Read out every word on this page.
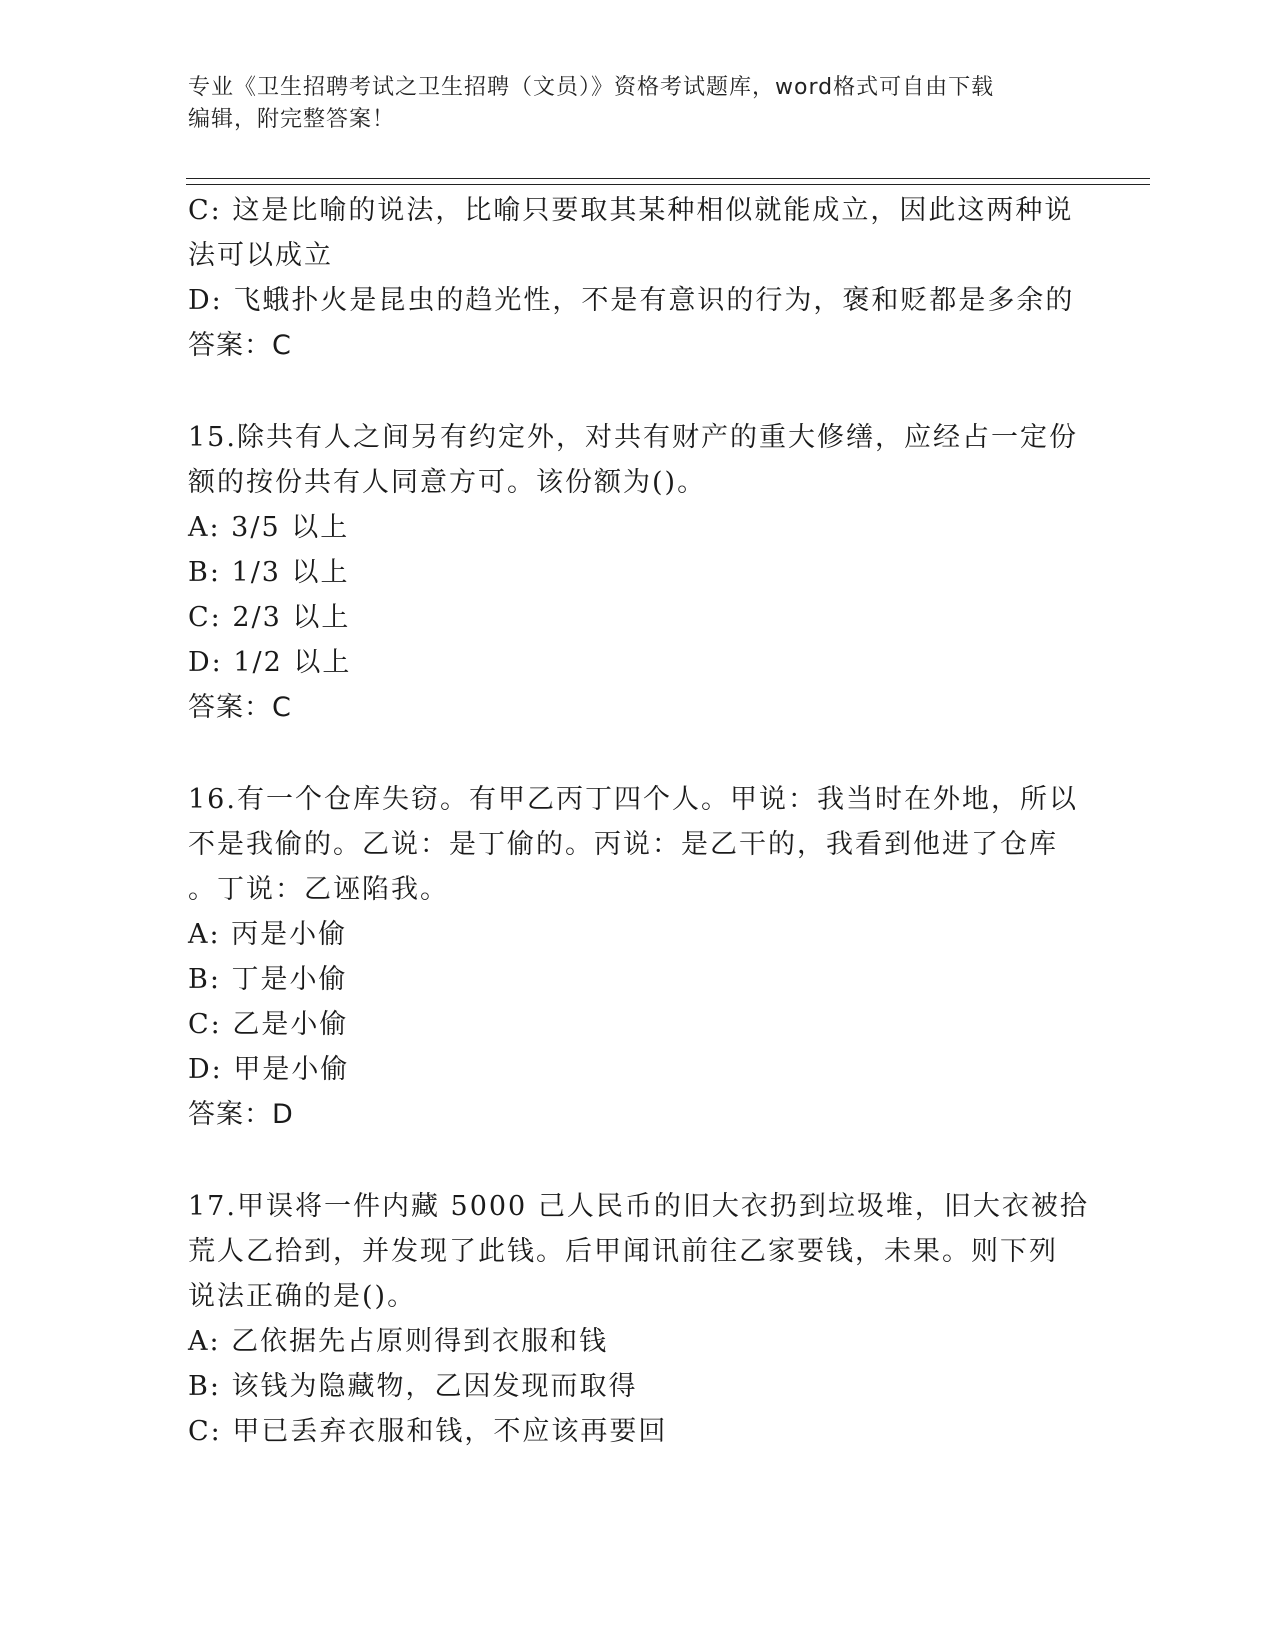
专业《卫生招聘考试之卫生招聘（文员）》资格考试题库，word格式可自由下载
编辑，附完整答案！
C: 这是比喻的说法，比喻只要取其某种相似就能成立，因此这两种说
法可以成立
D: 飞蛾扑火是昆虫的趋光性，不是有意识的行为，褒和贬都是多余的
答案：C
15.除共有人之间另有约定外，对共有财产的重大修缮，应经占一定份
额的按份共有人同意方可。该份额为()。
A: 3/5 以上
B: 1/3 以上
C: 2/3 以上
D: 1/2 以上
答案：C
16.有一个仓库失窃。有甲乙丙丁四个人。甲说：我当时在外地，所以
不是我偷的。乙说：是丁偷的。丙说：是乙干的，我看到他进了仓库
。丁说：乙诬陷我。
A: 丙是小偷
B: 丁是小偷
C: 乙是小偷
D: 甲是小偷
答案：D
17.甲误将一件内藏 5000 己人民币的旧大衣扔到垃圾堆，旧大衣被拾
荒人乙拾到，并发现了此钱。后甲闻讯前往乙家要钱，未果。则下列
说法正确的是()。
A: 乙依据先占原则得到衣服和钱
B: 该钱为隐藏物，乙因发现而取得
C: 甲已丢弃衣服和钱，不应该再要回
